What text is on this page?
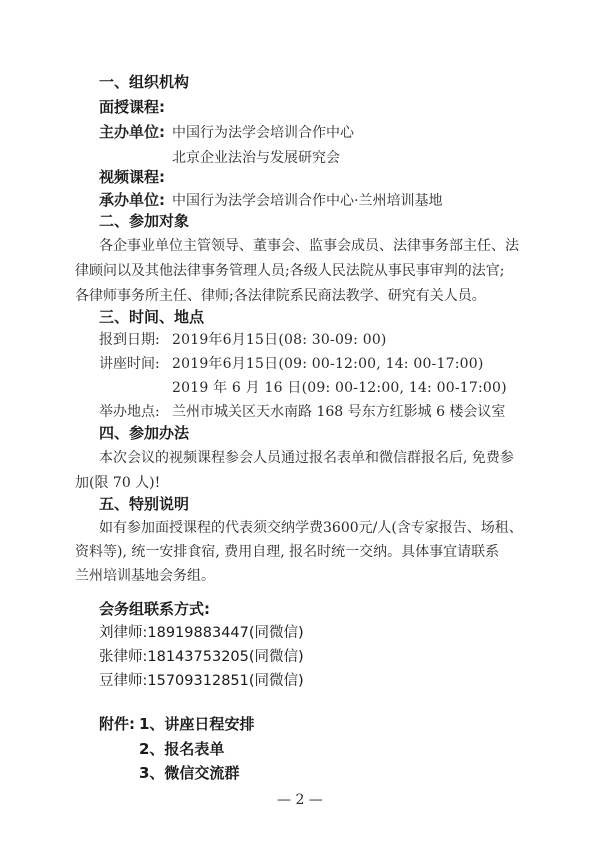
一、组织机构
面授课程:
主办单位: 中国行为法学会培训合作中心
北京企业法治与发展研究会
视频课程:
承办单位: 中国行为法学会培训合作中心·兰州培训基地
二、参加对象
各企事业单位主管领导、董事会、监事会成员、法律事务部主任、法
律顾问以及其他法律事务管理人员;各级人民法院从事民事审判的法官;
各律师事务所主任、律师;各法律院系民商法教学、研究有关人员。
三、时间、地点
报到日期: 2019年6月15日(08: 30-09: 00)
讲座时间: 2019年6月15日(09: 00-12:00, 14: 00-17:00)
2019 年 6 月 16 日(09: 00-12:00, 14: 00-17:00)
举办地点: 兰州市城关区天水南路 168 号东方红影城 6 楼会议室
四、参加办法
本次会议的视频课程参会人员通过报名表单和微信群报名后, 免费参
加(限 70 人)!
五、特别说明
如有参加面授课程的代表须交纳学费3600元/人(含专家报告、场租、
资料等), 统一安排食宿, 费用自理, 报名时统一交纳。具体事宜请联系
兰州培训基地会务组。
会务组联系方式:
刘律师:18919883447(同微信)
张律师:18143753205(同微信)
豆律师:15709312851(同微信)
附件: 1、讲座日程安排
2、报名表单
3、微信交流群
— 2 —
